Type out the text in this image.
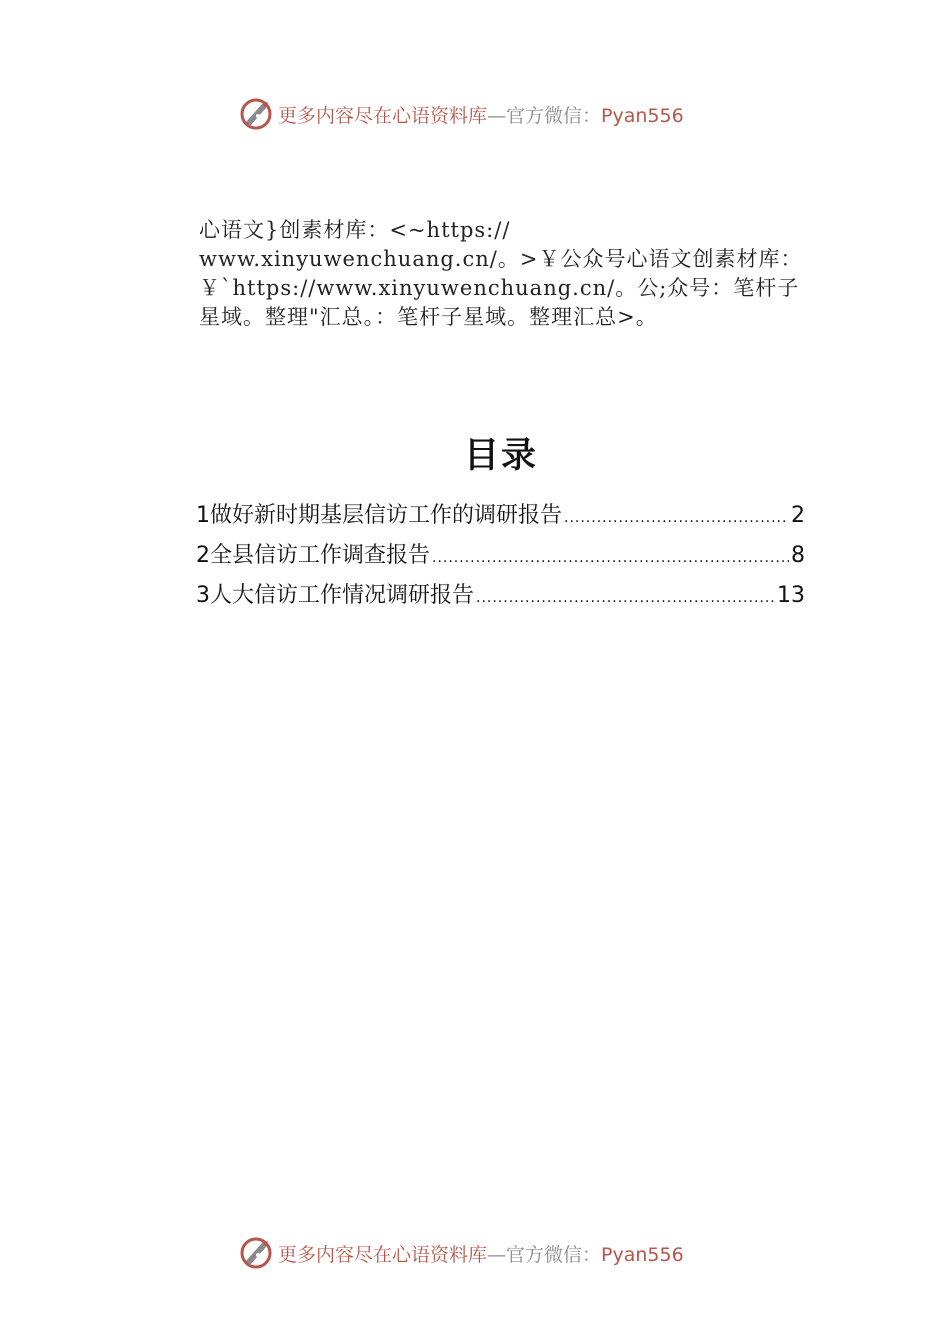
更多内容尽在心语资料库—官方微信：Pyan556
心语文}创素材库：<~https://
www.xinyuwenchuang.cn/。>￥公众号心语文创素材库：
￥`https://www.xinyuwenchuang.cn/。公;众号：笔杆子
星域。整理"汇总。：笔杆子星域。整理汇总>。
目录
1做好新时期基层信访工作的调研报告 .....	2
2全县信访工作调查报告 .....	8
3人大信访工作情况调研报告 .....	13
更多内容尽在心语资料库—官方微信：Pyan556
